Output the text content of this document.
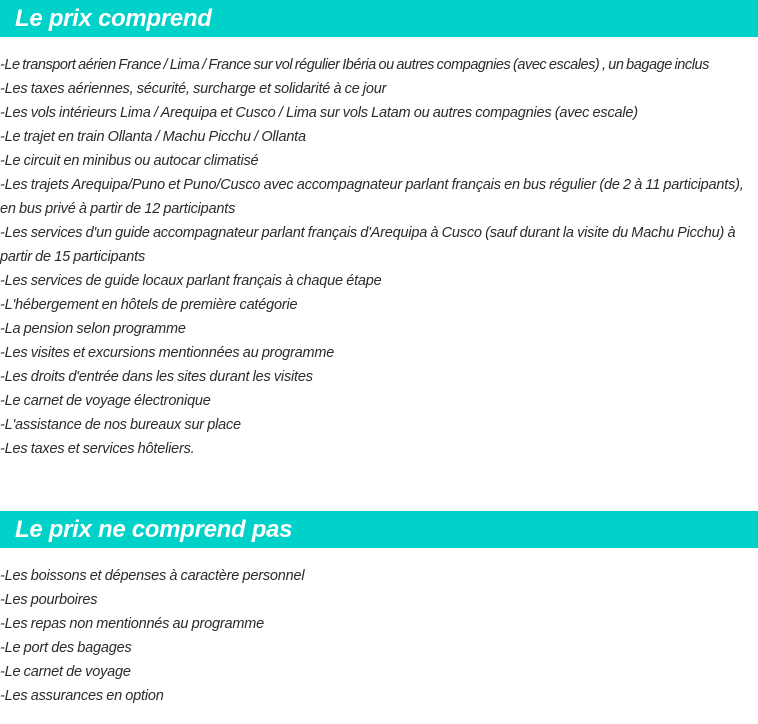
Le prix comprend
-Le transport aérien France / Lima / France sur vol régulier Ibéria ou autres compagnies (avec escales) , un bagage inclus
-Les taxes aériennes, sécurité, surcharge et solidarité à ce jour
-Les vols intérieurs Lima / Arequipa et Cusco / Lima sur vols Latam ou autres compagnies (avec escale)
-Le trajet en train Ollanta / Machu Picchu / Ollanta
-Le circuit en minibus ou autocar climatisé
-Les trajets Arequipa/Puno et Puno/Cusco avec accompagnateur parlant français en bus régulier (de 2 à 11 participants), en bus privé à partir de 12 participants
-Les services d'un guide accompagnateur parlant français d'Arequipa à Cusco (sauf durant la visite du Machu Picchu) à partir de 15 participants
-Les services de guide locaux parlant français à chaque étape
-L'hébergement en hôtels de première catégorie
-La pension selon programme
-Les visites et excursions mentionnées au programme
-Les droits d'entrée dans les sites durant les visites
-Le carnet de voyage électronique
-L'assistance de nos bureaux sur place
-Les taxes et services hôteliers.
Le prix ne comprend pas
-Les boissons et dépenses à caractère personnel
-Les pourboires
-Les repas non mentionnés au programme
-Le port des bagages
-Le carnet de voyage
-Les assurances en option
